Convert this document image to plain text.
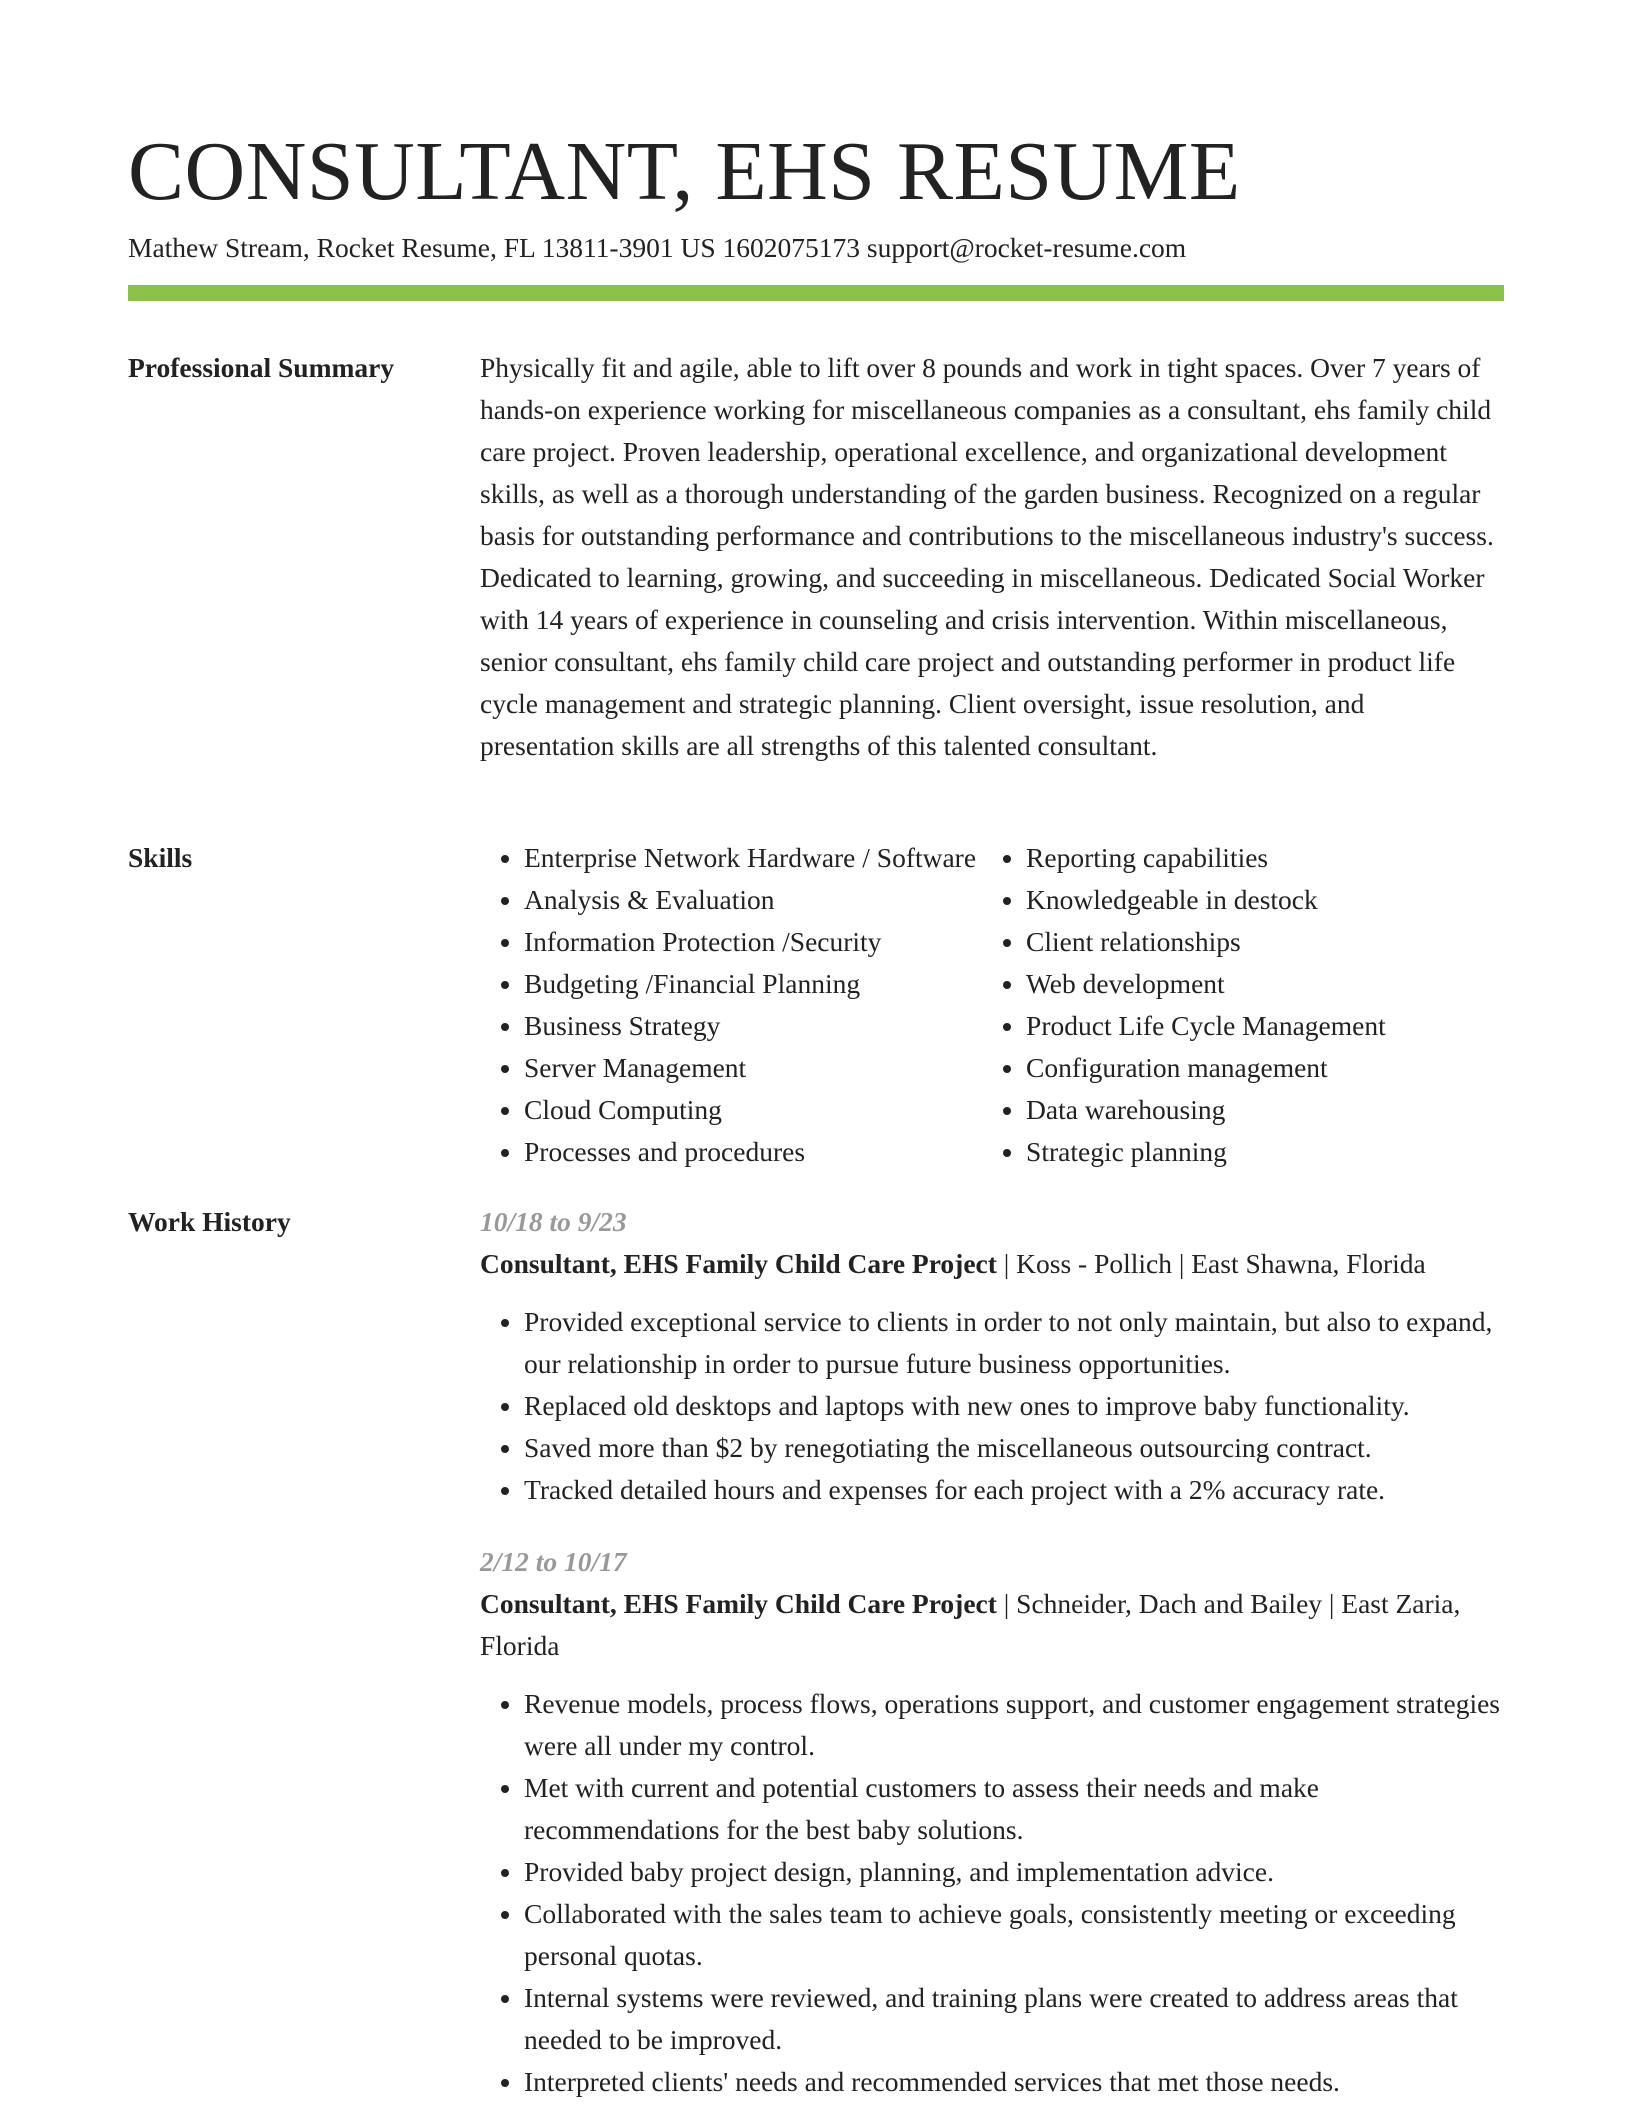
CONSULTANT, EHS RESUME
Mathew Stream, Rocket Resume, FL 13811-3901 US 1602075173 support@rocket-resume.com
Professional Summary	Physically fit and agile, able to lift over 8 pounds and work in tight spaces. Over 7 years of hands-on experience working for miscellaneous companies as a consultant, ehs family child care project. Proven leadership, operational excellence, and organizational development skills, as well as a thorough understanding of the garden business. Recognized on a regular basis for outstanding performance and contributions to the miscellaneous industry's success. Dedicated to learning, growing, and succeeding in miscellaneous. Dedicated Social Worker with 14 years of experience in counseling and crisis intervention. Within miscellaneous, senior consultant, ehs family child care project and outstanding performer in product life cycle management and strategic planning. Client oversight, issue resolution, and presentation skills are all strengths of this talented consultant.

Skills
•	Enterprise Network Hardware / Software
• Analysis & Evaluation
• Information Protection /Security
• Budgeting /Financial Planning
• Business Strategy
• Server Management
• Cloud Computing
• Processes and procedures
• Reporting capabilities
• Knowledgeable in destock
• Client relationships
• Web development
• Product Life Cycle Management
• Configuration management
• Data warehousing
• Strategic planning
Work History	10/18 to 9/23
Consultant, EHS Family Child Care Project | Koss - Pollich | East Shawna, Florida
• Provided exceptional service to clients in order to not only maintain, but also to expand, our relationship in order to pursue future business opportunities.
• Replaced old desktops and laptops with new ones to improve baby functionality.
• Saved more than $2 by renegotiating the miscellaneous outsourcing contract.
• Tracked detailed hours and expenses for each project with a 2% accuracy rate.
2/12 to 10/17
Consultant, EHS Family Child Care Project | Schneider, Dach and Bailey | East Zaria, Florida
• Revenue models, process flows, operations support, and customer engagement strategies were all under my control.
• Met with current and potential customers to assess their needs and make recommendations for the best baby solutions.
• Provided baby project design, planning, and implementation advice.
• Collaborated with the sales team to achieve goals, consistently meeting or exceeding personal quotas.
• Internal systems were reviewed, and training plans were created to address areas that needed to be improved.
• Interpreted clients' needs and recommended services that met those needs.
